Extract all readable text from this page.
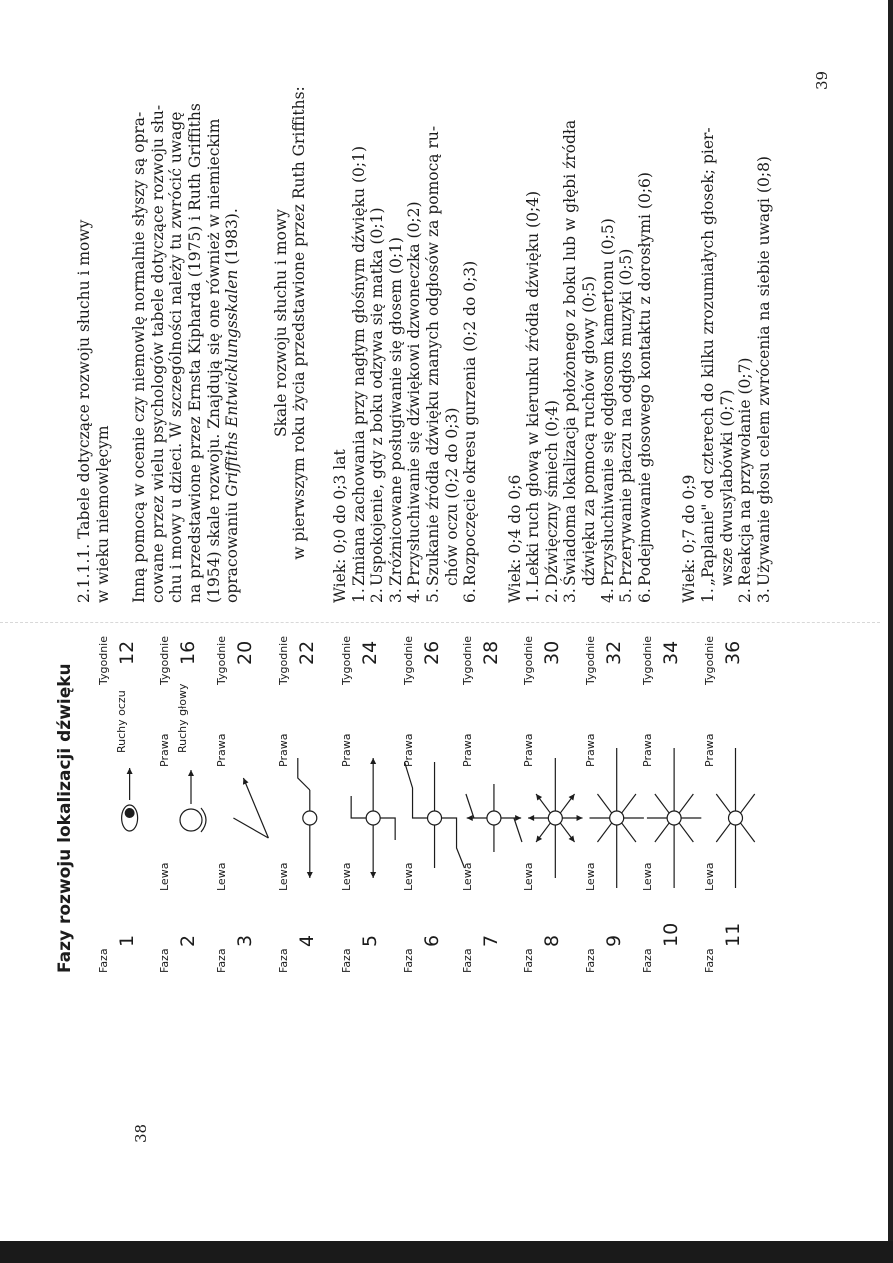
38
39
Fazy rozwoju lokalizacji dźwięku Faza
Tygodnie
1
12
Ruchy oczu
Faza
Lewa
Prawa
Tygodnie
2
16
Ruchy głowy
Faza
Lewa
Prawa
Tygodnie
3
20
Faza
Lewa
Prawa
Tygodnie
4
22
Faza
Lewa
Prawa
Tygodnie
5
24
Faza
Lewa
Prawa
Tygodnie
6
26
Faza
Lewa
Prawa
Tygodnie
7
28
Faza
Lewa
Prawa
Tygodnie
8
30
Faza
Lewa
Prawa
Tygodnie
9
32
Faza
Lewa
Prawa
Tygodnie
10
34
Faza
Lewa
Prawa
Tygodnie
11
36

2.1.1.1. Tabele dotyczące rozwoju słuchu i mowy w wieku niemowlęcym Inną pomocą w ocenie czy niemowlę normalnie słyszy są opra- cowane przez wielu psychologów tabele dotyczące rozwoju słu- chu i mowy u dzieci. W szczególności należy tu zwrócić uwagę na przedstawione przez Ernsta Kipharda (1975) i Ruth Griffiths (1954) skale rozwoju. Znajdują się one również w niemieckim opracowaniu Griffiths Entwicklungsskalen (1983). Skale rozwoju słuchu i mowy w pierwszym roku życia przedstawione przez Ruth Griffiths: Wiek: 0;0 do 0;3 lat 1.
Zmiana zachowania przy nagłym głośnym dźwięku (0;1)
2.
Uspokojenie, gdy z boku odzywa się matka (0;1)
3.
Zróżnicowane posługiwanie się głosem (0;1)
4.
Przysłuchiwanie się dźwiękowi dzwoneczka (0;2)
5.
Szukanie źródła dźwięku znanych odgłosów za pomocą ru- chów oczu (0;2 do 0;3)
6.
Rozpoczęcie okresu gurzenia (0;2 do 0;3) Wiek: 0;4 do 0;6 1.
Lekki ruch głową w kierunku źródła dźwięku (0;4)
2.
Dźwięczny śmiech (0;4)
3.
Świadoma lokalizacja położonego z boku lub w głębi źródła dźwięku za pomocą ruchów głowy (0;5)
4.
Przysłuchiwanie się odgłosom kamertonu (0;5)
5.
Przerywanie płaczu na odgłos muzyki (0;5)
6.
Podejmowanie głosowego kontaktu z dorosłymi (0;6) Wiek: 0;7 do 0;9 1.
„Paplanie" od czterech do kilku zrozumiałych głosek; pier- wsze dwusylabówki (0;7)
2.
Reakcja na przywołanie (0;7)
3.
Używanie głosu celem zwrócenia na siebie uwagi (0;8)
